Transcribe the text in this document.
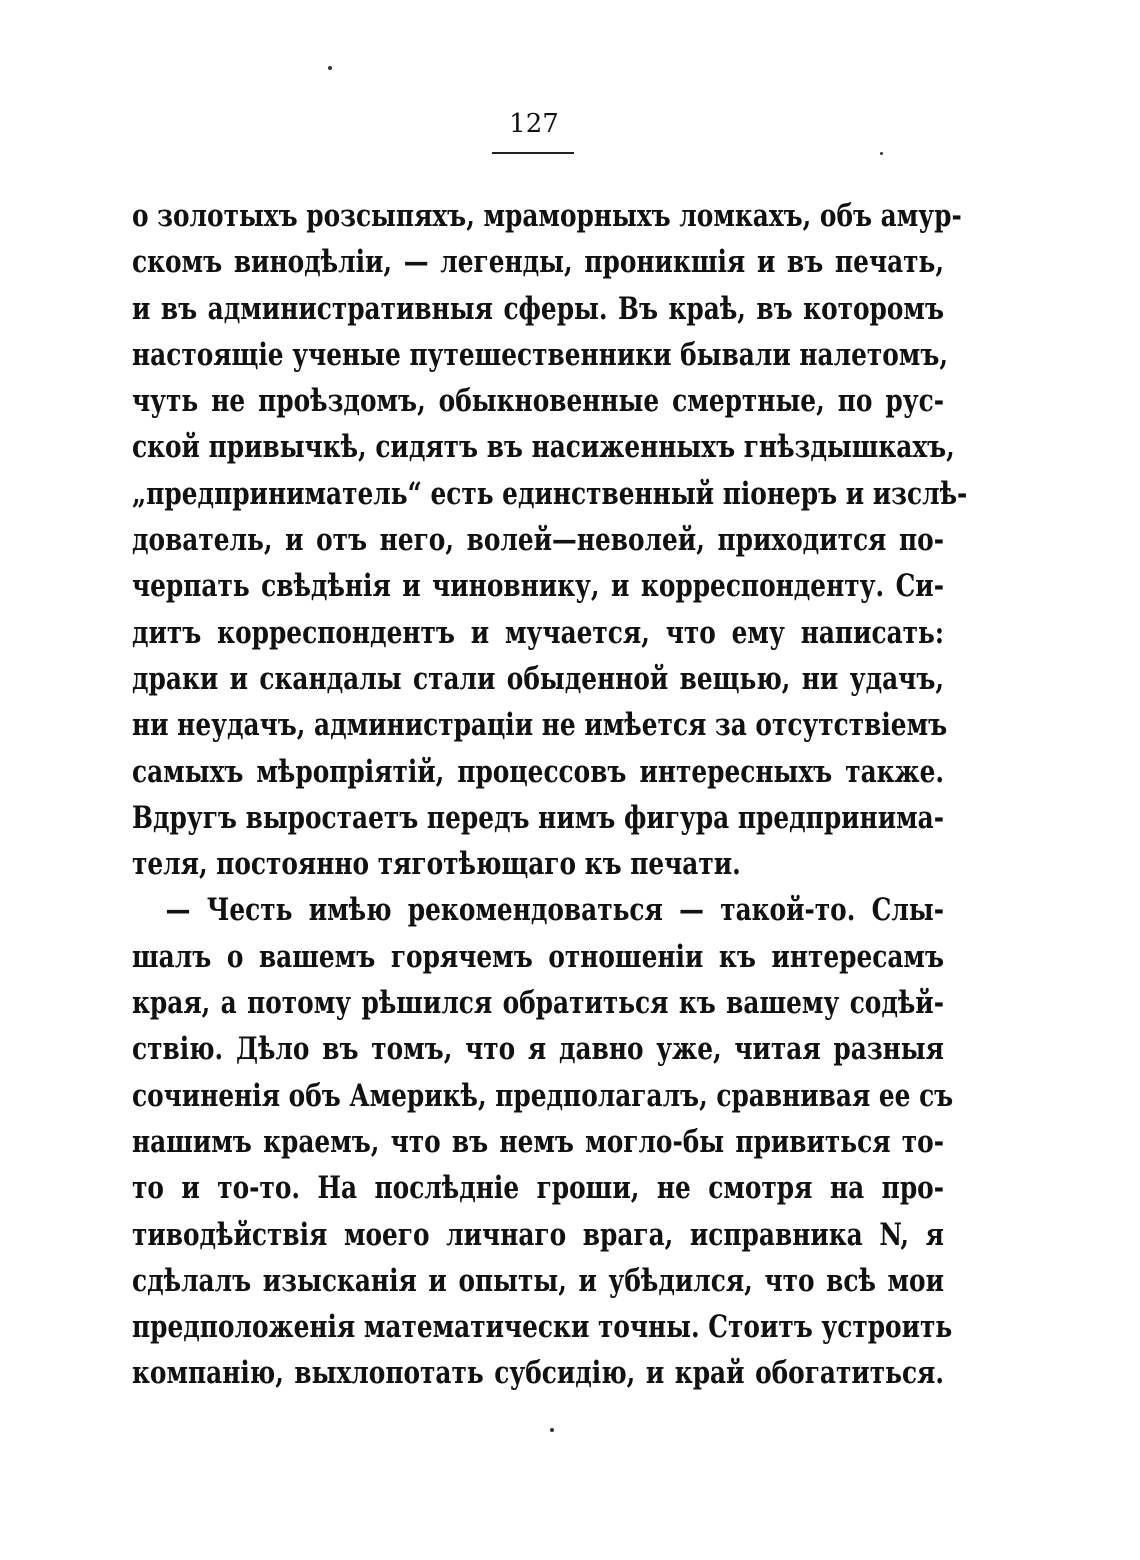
127
о золотыхъ розсыпяхъ, мраморныхъ ломкахъ, объ амур-
скомъ винодѣліи, — легенды, проникшія и въ печать,
и въ административныя сферы. Въ краѣ, въ которомъ
настоящіе ученые путешественники бывали налетомъ,
чуть не проѣздомъ, обыкновенные смертные, по рус-
ской привычкѣ, сидятъ въ насиженныхъ гнѣздышкахъ,
„предприниматель“ есть единственный піонеръ и изслѣ-
дователь, и отъ него, волей—неволей, приходится по-
черпать свѣдѣнія и чиновнику, и корреспонденту. Си-
дитъ корреспондентъ и мучается, что ему написать:
драки и скандалы стали обыденной вещью, ни удачъ,
ни неудачъ, администраціи не имѣется за отсутствіемъ
самыхъ мѣропріятій, процессовъ интересныхъ также.
Вдругъ выростаетъ передъ нимъ фигура предпринима-
теля, постоянно тяготѣющаго къ печати.
— Честь имѣю рекомендоваться — такой-то. Слы-
шалъ о вашемъ горячемъ отношеніи къ интересамъ
края, а потому рѣшился обратиться къ вашему содѣй-
ствію. Дѣло въ томъ, что я давно уже, читая разныя
сочиненія объ Америкѣ, предполагалъ, сравнивая ее съ
нашимъ краемъ, что въ немъ могло-бы привиться то-
то и то-то. На послѣдніе гроши, не смотря на про-
тиводѣйствія моего личнаго врага, исправника N, я
сдѣлалъ изысканія и опыты, и убѣдился, что всѣ мои
предположенія математически точны. Стоитъ устроить
компанію, выхлопотать субсидію, и край обогатиться.
